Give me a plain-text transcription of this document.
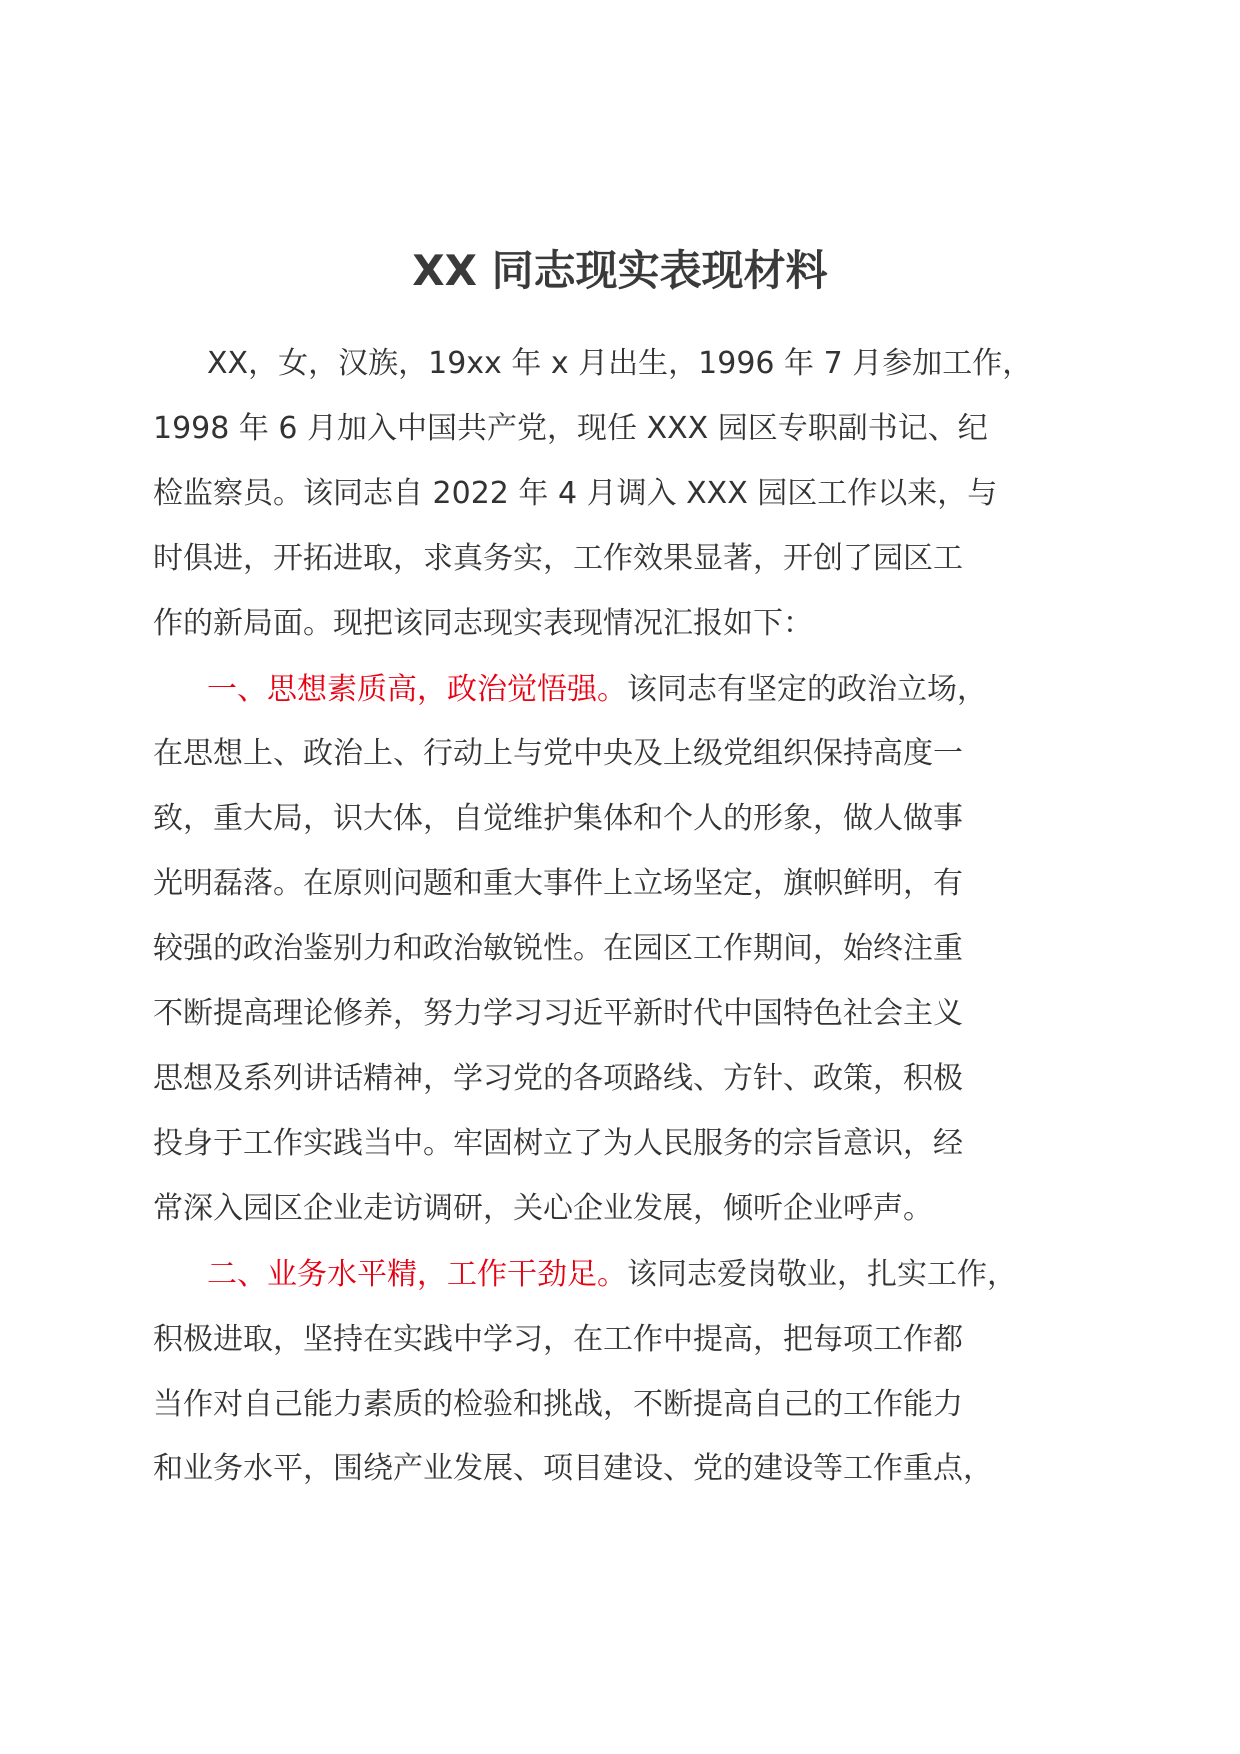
XX 同志现实表现材料

XX，女，汉族，19xx 年 x 月出生，1996 年 7 月参加工作，
1998 年 6 月加入中国共产党，现任 XXX 园区专职副书记、纪
检监察员。该同志自 2022 年 4 月调入 XXX 园区工作以来，与
时俱进，开拓进取，求真务实，工作效果显著，开创了园区工
作的新局面。现把该同志现实表现情况汇报如下：

一、思想素质高，政治觉悟强。该同志有坚定的政治立场，
在思想上、政治上、行动上与党中央及上级党组织保持高度一
致，重大局，识大体，自觉维护集体和个人的形象，做人做事
光明磊落。在原则问题和重大事件上立场坚定，旗帜鲜明，有
较强的政治鉴别力和政治敏锐性。在园区工作期间，始终注重
不断提高理论修养，努力学习习近平新时代中国特色社会主义
思想及系列讲话精神，学习党的各项路线、方针、政策，积极
投身于工作实践当中。牢固树立了为人民服务的宗旨意识，经
常深入园区企业走访调研，关心企业发展，倾听企业呼声。

二、业务水平精，工作干劲足。该同志爱岗敬业，扎实工作，
积极进取，坚持在实践中学习，在工作中提高，把每项工作都
当作对自己能力素质的检验和挑战，不断提高自己的工作能力
和业务水平，围绕产业发展、项目建设、党的建设等工作重点，
